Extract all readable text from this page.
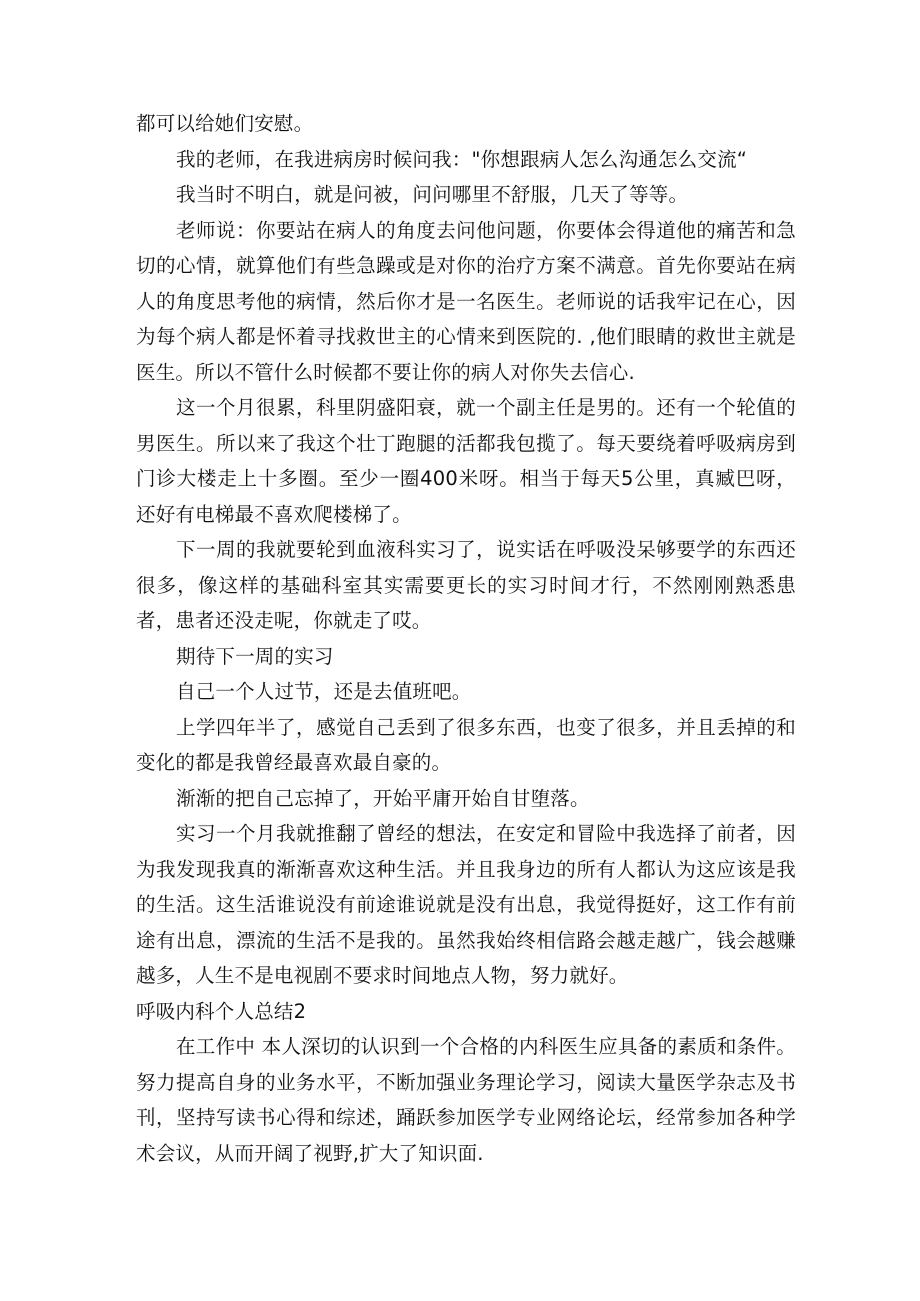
都可以给她们安慰。

我的老师，在我进病房时候问我："你想跟病人怎么沟通怎么交流“

我当时不明白，就是问被，问问哪里不舒服，几天了等等。

老师说：你要站在病人的角度去问他问题，你要体会得道他的痛苦和急切的心情，就算他们有些急躁或是对你的治疗方案不满意。首先你要站在病人的角度思考他的病情，然后你才是一名医生。老师说的话我牢记在心，因为每个病人都是怀着寻找救世主的心情来到医院的. ,他们眼睛的救世主就是医生。所以不管什么时候都不要让你的病人对你失去信心.

这一个月很累，科里阴盛阳衰，就一个副主任是男的。还有一个轮值的男医生。所以来了我这个壮丁跑腿的活都我包揽了。每天要绕着呼吸病房到门诊大楼走上十多圈。至少一圈400米呀。相当于每天5公里，真臧巴呀，还好有电梯最不喜欢爬楼梯了。

下一周的我就要轮到血液科实习了，说实话在呼吸没呆够要学的东西还很多，像这样的基础科室其实需要更长的实习时间才行，不然刚刚熟悉患者，患者还没走呢，你就走了哎。

期待下一周的实习

自己一个人过节，还是去值班吧。

上学四年半了，感觉自己丢到了很多东西，也变了很多，并且丢掉的和变化的都是我曾经最喜欢最自豪的。

渐渐的把自己忘掉了，开始平庸开始自甘堕落。

实习一个月我就推翻了曾经的想法，在安定和冒险中我选择了前者，因为我发现我真的渐渐喜欢这种生活。并且我身边的所有人都认为这应该是我的生活。这生活谁说没有前途谁说就是没有出息，我觉得挺好，这工作有前途有出息，漂流的生活不是我的。虽然我始终相信路会越走越广，钱会越赚越多，人生不是电视剧不要求时间地点人物，努力就好。

呼吸内科个人总结2

在工作中 本人深切的认识到一个合格的内科医生应具备的素质和条件。努力提高自身的业务水平，不断加强业务理论学习，阅读大量医学杂志及书刊，坚持写读书心得和综述，踊跃参加医学专业网络论坛，经常参加各种学术会议，从而开阔了视野,扩大了知识面.
